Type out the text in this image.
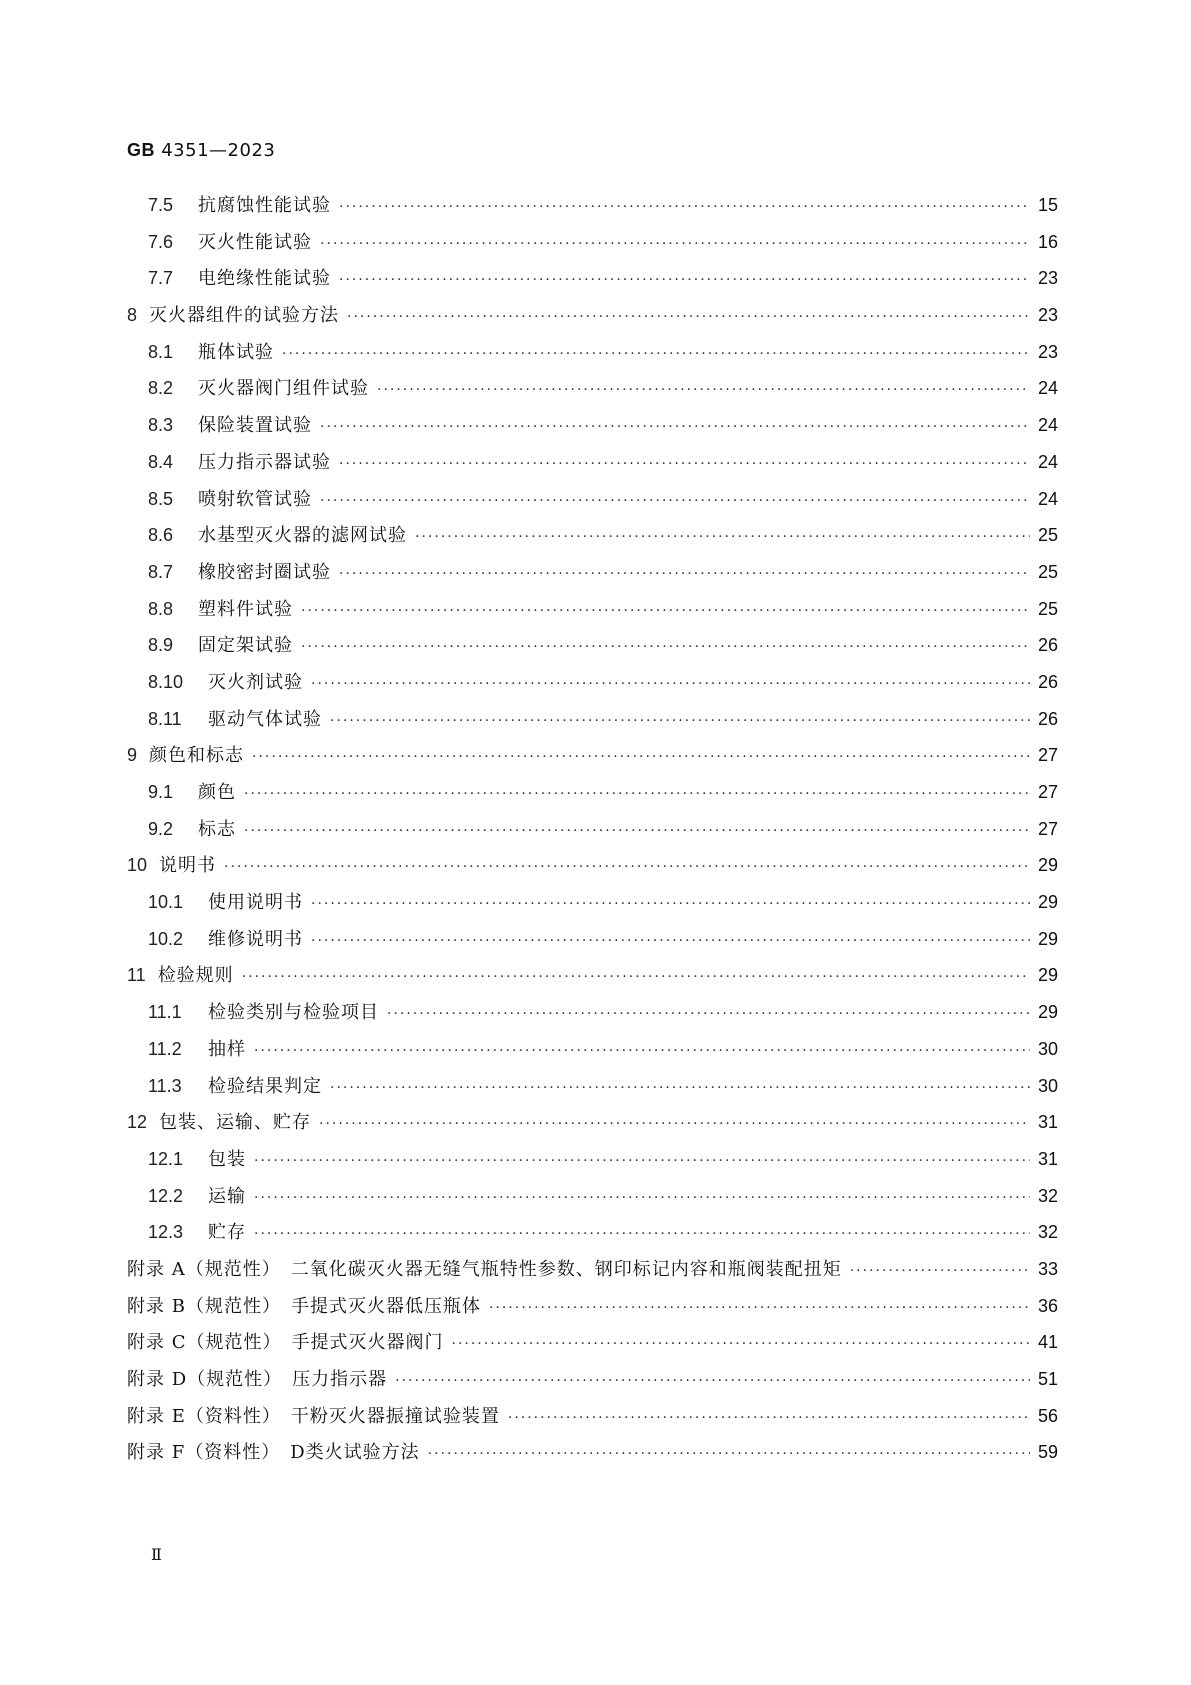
GB 4351—2023
7.5	抗腐蚀性能试验 ·····	15
7.6	灭火性能试验 ·····	16
7.7	电绝缘性能试验 ·····	23
8 灭火器组件的试验方法 ·····	23
8.1	瓶体试验 ·····	23
8.2	灭火器阀门组件试验 ·····	24
8.3	保险装置试验 ·····	24
8.4	压力指示器试验 ·····	24
8.5	喷射软管试验 ·····	24
8.6	水基型灭火器的滤网试验 ·····	25
8.7	橡胶密封圈试验 ·····	25
8.8	塑料件试验 ·····	25
8.9	固定架试验 ·····	26
8.10	灭火剂试验 ·····	26
8.11	驱动气体试验 ·····	26
9 颜色和标志 ·····	27
9.1	颜色 ·····	27
9.2	标志 ·····	27
10 说明书 ·····	29
10.1	使用说明书 ·····	29
10.2	维修说明书 ·····	29
11 检验规则 ·····	29
11.1	检验类别与检验项目 ·····	29
11.2	抽样 ·····	30
11.3	检验结果判定 ·····	30
12 包装、运输、贮存 ·····	31
12.1	包装 ·····	31
12.2	运输 ·····	32
12.3	贮存 ·····	32
附录 A（规范性） 二氧化碳灭火器无缝气瓶特性参数、钢印标记内容和瓶阀装配扭矩 ·····	33
附录 B（规范性） 手提式灭火器低压瓶体 ·····	36
附录 C（规范性） 手提式灭火器阀门 ·····	41
附录 D（规范性） 压力指示器 ·····	51
附录 E（资料性） 干粉灭火器振撞试验装置 ·····	56
附录 F（资料性） D类火试验方法 ·····	59
Ⅱ
